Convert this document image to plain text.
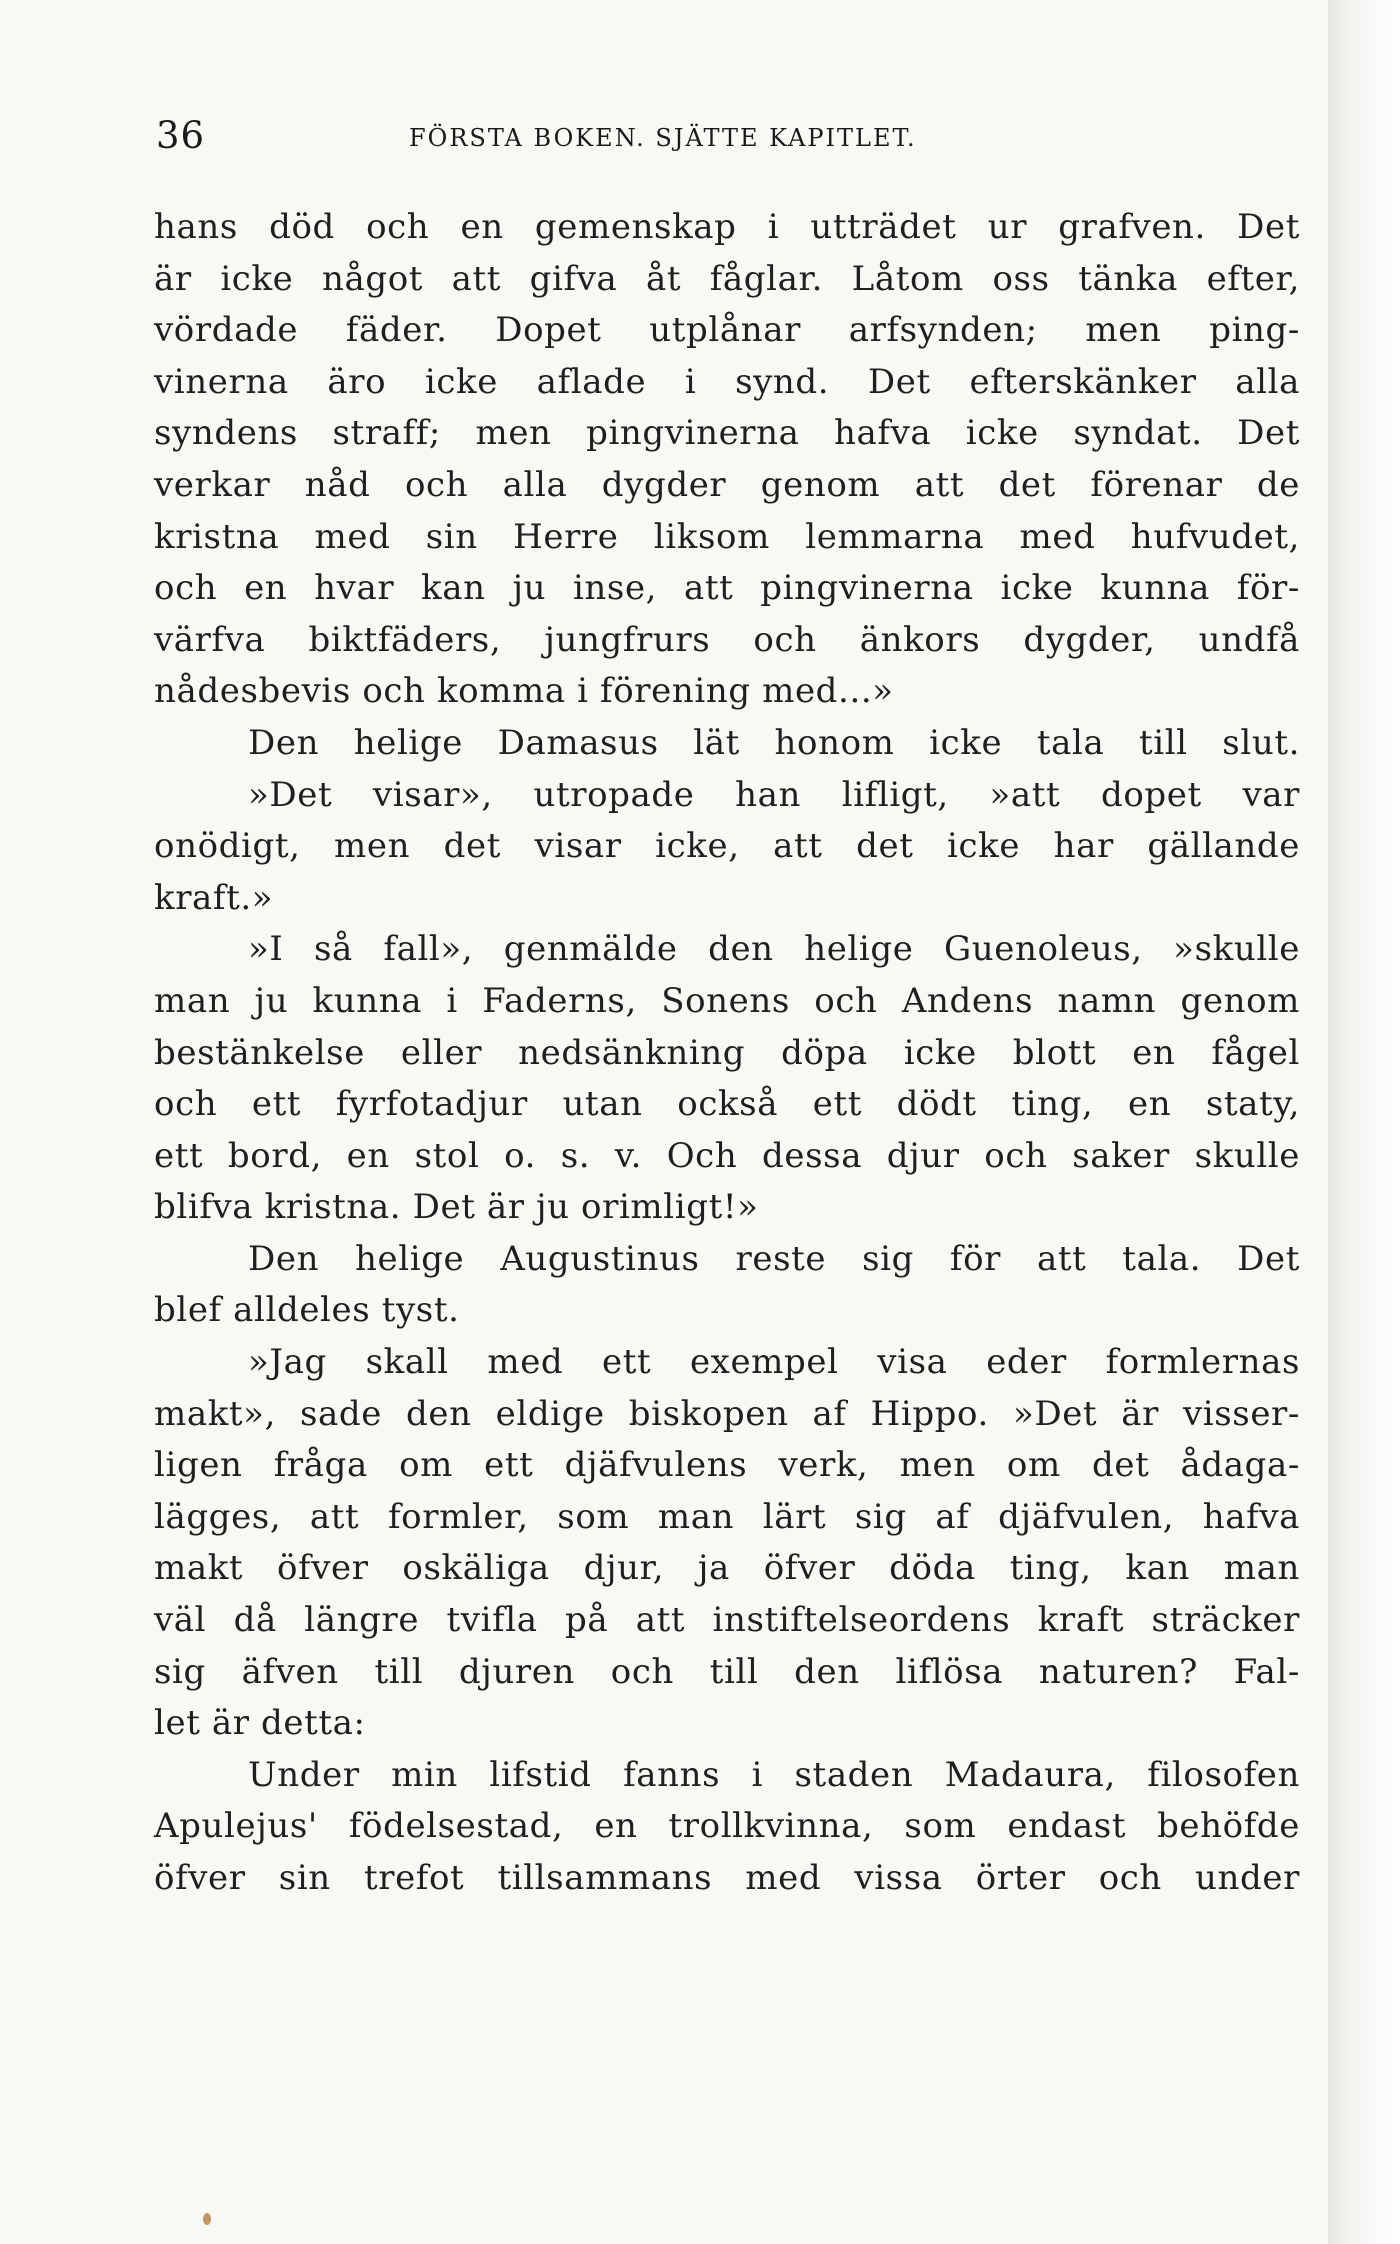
36	FÖRSTA BOKEN. SJÄTTE KAPITLET.
hans död och en gemenskap i utträdet ur grafven. Det
är icke något att gifva åt fåglar. Låtom oss tänka efter,
vördade fäder. Dopet utplånar arfsynden; men ping-
vinerna äro icke aflade i synd. Det efterskänker alla
syndens straff; men pingvinerna hafva icke syndat. Det
verkar nåd och alla dygder genom att det förenar de
kristna med sin Herre liksom lemmarna med hufvudet,
och en hvar kan ju inse, att pingvinerna icke kunna för-
värfva biktfäders, jungfrurs och änkors dygder, undfå
nådesbevis och komma i förening med...»
Den helige Damasus lät honom icke tala till slut.
»Det visar», utropade han lifligt, »att dopet var
onödigt, men det visar icke, att det icke har gällande
kraft.»
»I så fall», genmälde den helige Guenoleus, »skulle
man ju kunna i Faderns, Sonens och Andens namn genom
bestänkelse eller nedsänkning döpa icke blott en fågel
och ett fyrfotadjur utan också ett dödt ting, en staty,
ett bord, en stol o. s. v. Och dessa djur och saker skulle
blifva kristna. Det är ju orimligt!»
Den helige Augustinus reste sig för att tala. Det
blef alldeles tyst.
»Jag skall med ett exempel visa eder formlernas
makt», sade den eldige biskopen af Hippo. »Det är visser-
ligen fråga om ett djäfvulens verk, men om det ådaga-
lägges, att formler, som man lärt sig af djäfvulen, hafva
makt öfver oskäliga djur, ja öfver döda ting, kan man
väl då längre tvifla på att instiftelseordens kraft sträcker
sig äfven till djuren och till den liflösa naturen? Fal-
let är detta:
Under min lifstid fanns i staden Madaura, filosofen
Apulejus' födelsestad, en trollkvinna, som endast behöfde
öfver sin trefot tillsammans med vissa örter och under
